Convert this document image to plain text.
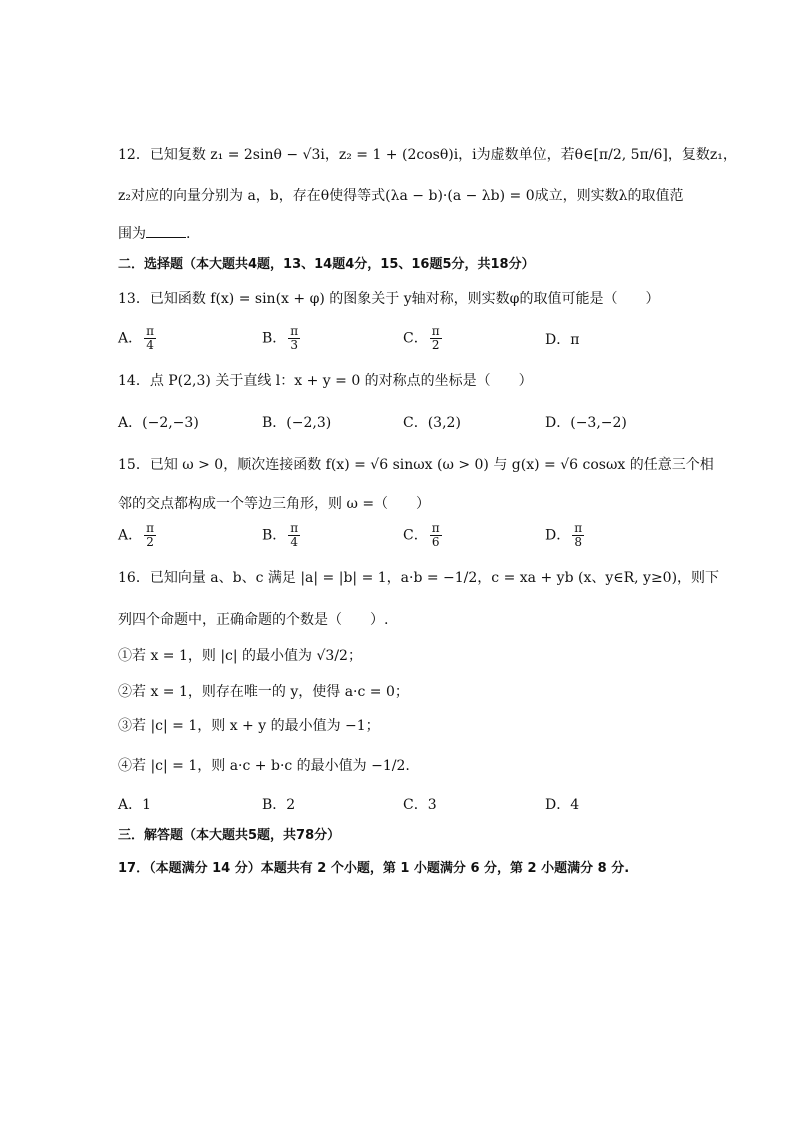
12．已知复数 z₁ = 2sinθ − √3i，z₂ = 1 + (2cosθ)i，i为虚数单位，若θ∈[π/2, 5π/6]，复数z₁，
z₂对应的向量分别为 a，b，存在θ使得等式(λa − b)·(a − λb) = 0成立，则实数λ的取值范
围为	.
二．选择题（本大题共4题，13、14题4分，15、16题5分，共18分）
13．已知函数 f(x) = sin(x + φ) 的图象关于 y轴对称，则实数φ的取值可能是（　　）
A． $\frac{\pi}{4}$	B． $\frac{\pi}{3}$	C． $\frac{\pi}{2}$	D．π
14．点 P(2,3) 关于直线 l：x + y = 0 的对称点的坐标是（　　）
A．(−2,−3)	B．(−2,3)	C．(3,2)	D．(−3,−2)
15．已知 ω > 0，顺次连接函数 f(x) = √6 sinωx (ω > 0) 与 g(x) = √6 cosωx 的任意三个相
邻的交点都构成一个等边三角形，则 ω =（　　）
A． $\frac{\pi}{2}$	B． $\frac{\pi}{4}$	C． $\frac{\pi}{6}$	D． $\frac{\pi}{8}$
16．已知向量 a、b、c 满足 |a| = |b| = 1，a·b = −1/2，c = xa + yb (x、y∈R, y≥0)，则下
列四个命题中，正确命题的个数是（　　）.
①若 x = 1，则 |c| 的最小值为 √3/2；
②若 x = 1，则存在唯一的 y，使得 a·c = 0；
③若 |c| = 1，则 x + y 的最小值为 −1；
④若 |c| = 1，则 a·c + b·c 的最小值为 −1/2.
A．1	B．2	C．3	D．4
三．解答题（本大题共5题，共78分）
17．（本题满分 14 分）本题共有 2 个小题，第 1 小题满分 6 分，第 2 小题满分 8 分.
